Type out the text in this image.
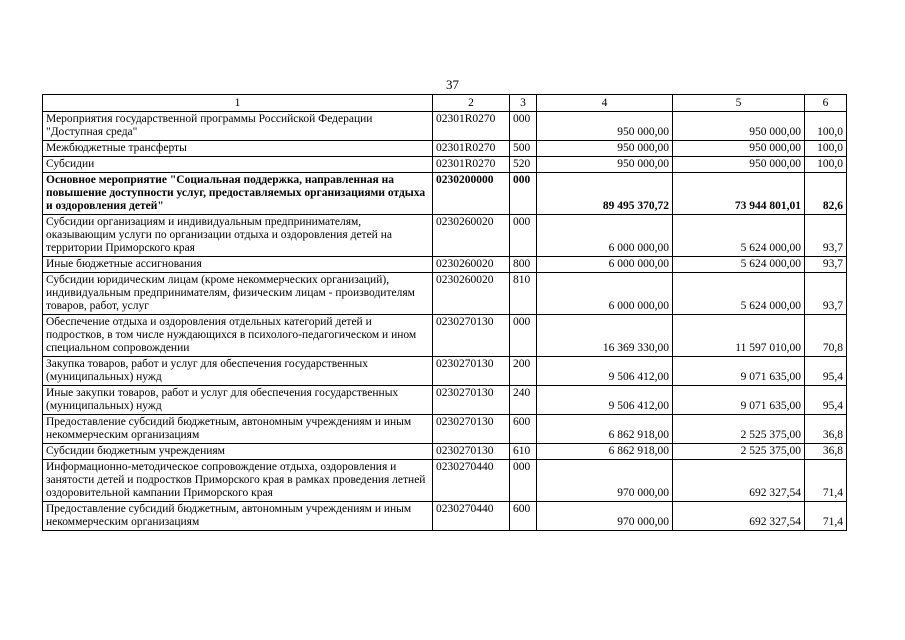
37
1	2	3	4	5	6
Мероприятия государственной программы Российской Федерации "Доступная среда"	02301R0270	000	950 000,00	950 000,00	100,0
Межбюджетные трансферты	02301R0270	500	950 000,00	950 000,00	100,0
Субсидии	02301R0270	520	950 000,00	950 000,00	100,0
Основное мероприятие "Социальная поддержка, направленная на повышение доступности услуг, предоставляемых организациями отдыха и оздоровления детей"	0230200000	000	89 495 370,72	73 944 801,01	82,6
Субсидии организациям и индивидуальным предпринимателям, оказывающим услуги по организации отдыха и оздоровления детей на территории Приморского края	0230260020	000	6 000 000,00	5 624 000,00	93,7
Иные бюджетные ассигнования	0230260020	800	6 000 000,00	5 624 000,00	93,7
Субсидии юридическим лицам (кроме некоммерческих организаций), индивидуальным предпринимателям, физическим лицам - производителям товаров, работ, услуг	0230260020	810	6 000 000,00	5 624 000,00	93,7
Обеспечение отдыха и оздоровления отдельных категорий детей и подростков, в том числе нуждающихся в психолого-педагогическом и ином специальном сопровождении	0230270130	000	16 369 330,00	11 597 010,00	70,8
Закупка товаров, работ и услуг для обеспечения государственных (муниципальных) нужд	0230270130	200	9 506 412,00	9 071 635,00	95,4
Иные закупки товаров, работ и услуг для обеспечения государственных (муниципальных) нужд	0230270130	240	9 506 412,00	9 071 635,00	95,4
Предоставление субсидий бюджетным, автономным учреждениям и иным некоммерческим организациям	0230270130	600	6 862 918,00	2 525 375,00	36,8
Субсидии бюджетным учреждениям	0230270130	610	6 862 918,00	2 525 375,00	36,8
Информационно-методическое сопровождение отдыха, оздоровления и занятости детей и подростков Приморского края в рамках проведения летней оздоровительной кампании Приморского края	0230270440	000	970 000,00	692 327,54	71,4
Предоставление субсидий бюджетным, автономным учреждениям и иным некоммерческим организациям	0230270440	600	970 000,00	692 327,54	71,4
